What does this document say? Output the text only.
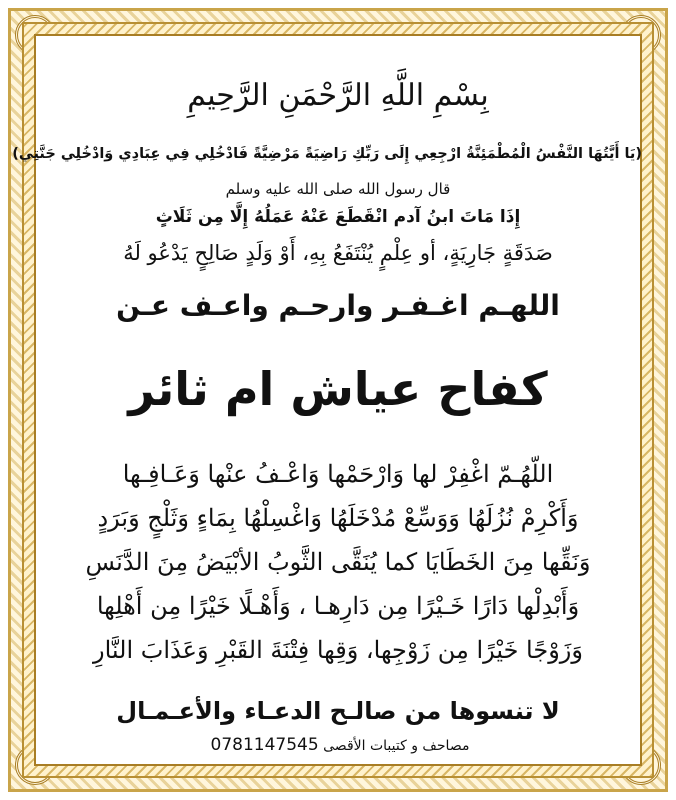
بِسْمِ اللَّهِ الرَّحْمَنِ الرَّحِيمِ
(يَا أَيَّتُهَا النَّفْسُ الْمُطْمَئِنَّةُ ارْجِعِي إِلَى رَبِّكِ رَاضِيَةً مَرْضِيَّةً فَادْخُلِي فِي عِبَادِي وَادْخُلِي جَنَّتِي)
قال رسول الله صلى الله عليه وسلم
إِذَا مَاتَ ابنُ آدم انْقَطَعَ عَنْهُ عَمَلُهُ إِلَّا مِن ثَلَاثٍ
صَدَقَةٍ جَارِيَةٍ، أو عِلْمٍ يُنْتَفَعُ بِهِ، أَوْ وَلَدٍ صَالِحٍ يَدْعُو لَهُ
اللهـم اغـفـر وارحـم واعـف عـن
كفاح عياش ام ثائر
اللّهُـمّ اغْفِرْ لها وَارْحَمْها وَاعْـفُ عنْها وَعَـافِـها
وَأَكْرِمْ نُزُلَهُا وَوَسِّعْ مُدْخَلَهُا وَاغْسِلْهُا بِمَاءٍ وَثَلْجٍ وَبَرَدٍ
وَنَقِّها مِنَ الخَطَايَا كما يُنَقَّى الثَّوبُ الأبْيَضُ مِنَ الدَّنَسِ
وَأَبْدِلْها دَارًا خَـيْرًا مِن دَارِهـا ، وَأَهْـلًا خَيْرًا مِن أَهْلِها
وَزَوْجًا خَيْرًا مِن زَوْجِها، وَقِها فِتْنَةَ القَبْرِ وَعَذَابَ النَّارِ
لا تنسوها من صالـح الدعـاء والأعـمـال
مصاحف و كتيبات الأقصى 0781147545
